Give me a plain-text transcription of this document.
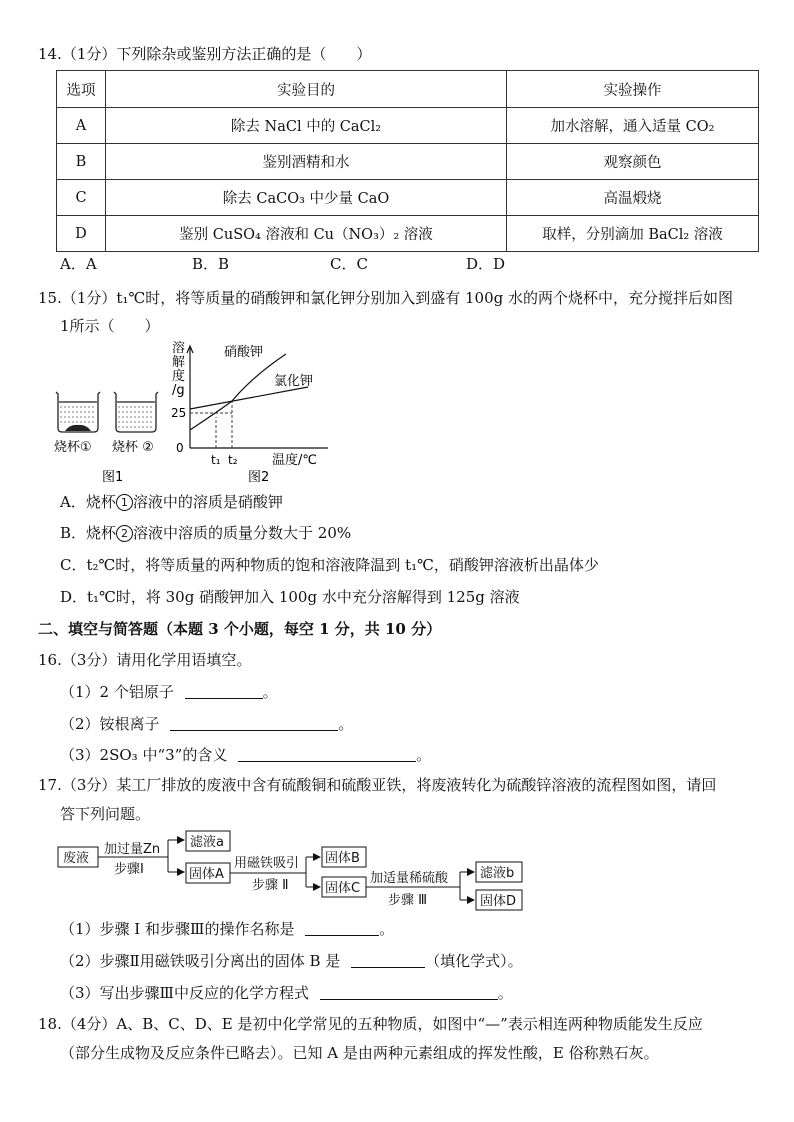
14.（1分）下列除杂或鉴别方法正确的是（　　）
选项	实验目的	实验操作
A	除去 NaCl 中的 CaCl₂	加水溶解，通入适量 CO₂
B	鉴别酒精和水	观察颜色
C	除去 CaCO₃ 中少量 CaO	高温煅烧
D	鉴别 CuSO₄ 溶液和 Cu（NO₃）₂ 溶液	取样，分别滴加 BaCl₂ 溶液
A．A	B．B	C．C	D．D
15.（1分）t₁℃时，将等质量的硝酸钾和氯化钾分别加入到盛有 100g 水的两个烧杯中，充分搅拌后如图
1所示（　　）
烧杯① 烧杯 ②
图1
溶
解
度
/g
0
25
硝酸钾
氯化钾
t₁ t₂	温度/℃
图2
A．烧杯 1 溶液中的溶质是硝酸钾
B．烧杯 2 溶液中溶质的质量分数大于 20%
C．t₂℃时，将等质量的两种物质的饱和溶液降温到 t₁℃，硝酸钾溶液析出晶体少
D．t₁℃时，将 30g 硝酸钾加入 100g 水中充分溶解得到 125g 溶液
二、填空与简答题（本题 3 个小题，每空 1 分，共 10 分）
16.（3分）请用化学用语填空。
（1）2 个铝原子	。
（2）铵根离子	。
（3）2SO₃ 中“3”的含义	。
17.（3分）某工厂排放的废液中含有硫酸铜和硫酸亚铁，将废液转化为硫酸锌溶液的流程图如图，请回
答下列问题。
废液
加过量Zn
步骤Ⅰ
滤液a
固体A
用磁铁吸引
步骤 Ⅱ
固体B
固体C
加适量稀硫酸
步骤 Ⅲ
滤液b
固体D
（1）步骤 Ⅰ 和步骤Ⅲ的操作名称是	。
（2）步骤Ⅱ用磁铁吸引分离出的固体 B 是	（填化学式）。
（3）写出步骤Ⅲ中反应的化学方程式	。
18.（4分）A、B、C、D、E 是初中化学常见的五种物质，如图中“—”表示相连两种物质能发生反应
（部分生成物及反应条件已略去）。已知 A 是由两种元素组成的挥发性酸，E 俗称熟石灰。
